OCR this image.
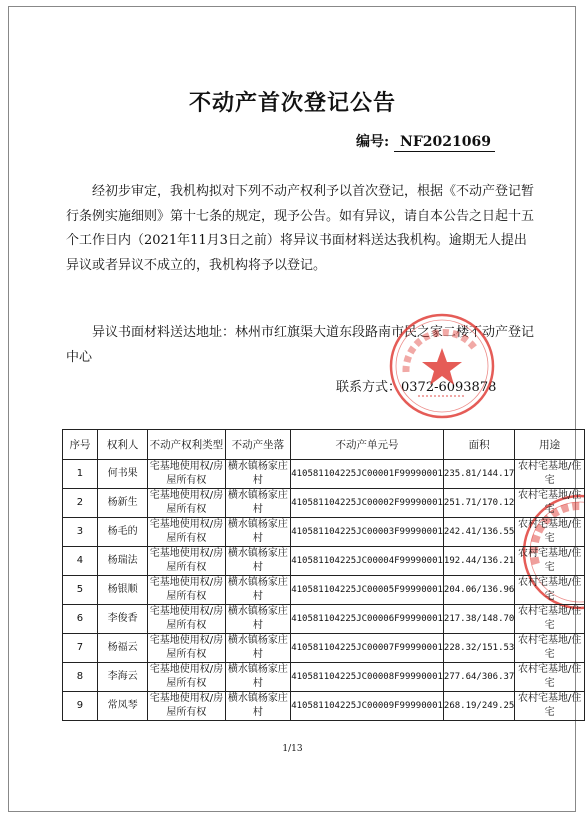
不动产首次登记公告
编号: NF2021069
经初步审定，我机构拟对下列不动产权利予以首次登记，根据《不动产登记暂行条例实施细则》第十七条的规定，现予公告。如有异议，请自本公告之日起十五个工作日内（2021年11月3日之前）将异议书面材料送达我机构。逾期无人提出异议或者异议不成立的，我机构将予以登记。
异议书面材料送达地址：林州市红旗渠大道东段路南市民之家二楼不动产登记中心
联系方式：0372-6093878
序号	权利人	不动产权利类型	不动产坐落	不动产单元号	面积	用途
1	何书果	宅基地使用权/房屋所有权	横水镇杨家庄村	410581104225JC00001F99990001	235.81/144.17	农村宅基地/住宅
2	杨新生	宅基地使用权/房屋所有权	横水镇杨家庄村	410581104225JC00002F99990001	251.71/170.12	农村宅基地/住宅
3	杨毛的	宅基地使用权/房屋所有权	横水镇杨家庄村	410581104225JC00003F99990001	242.41/136.55	农村宅基地/住宅
4	杨瑞法	宅基地使用权/房屋所有权	横水镇杨家庄村	410581104225JC00004F99990001	192.44/136.21	农村宅基地/住宅
5	杨银顺	宅基地使用权/房屋所有权	横水镇杨家庄村	410581104225JC00005F99990001	204.06/136.96	农村宅基地/住宅
6	李俊香	宅基地使用权/房屋所有权	横水镇杨家庄村	410581104225JC00006F99990001	217.38/148.70	农村宅基地/住宅
7	杨福云	宅基地使用权/房屋所有权	横水镇杨家庄村	410581104225JC00007F99990001	228.32/151.53	农村宅基地/住宅
8	李海云	宅基地使用权/房屋所有权	横水镇杨家庄村	410581104225JC00008F99990001	277.64/306.37	农村宅基地/住宅
9	常凤琴	宅基地使用权/房屋所有权	横水镇杨家庄村	410581104225JC00009F99990001	268.19/249.25	农村宅基地/住宅
1/13
